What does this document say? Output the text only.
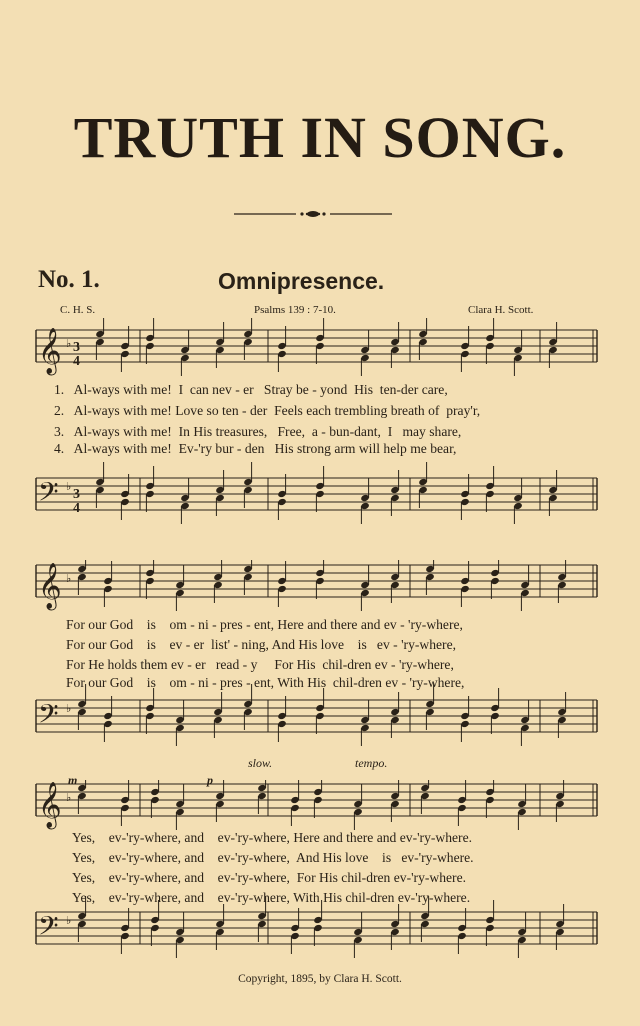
TRUTH IN SONG.
No. 1.	Omnipresence.
C. H. S.	Psalms 139 : 7-10.	Clara H. Scott.
𝄞
𝄢
♭
♭
3
4
3
4
𝄞
𝄢
♭
♭
𝄞
𝄢
♭
♭
1.   Al-ways with me!  I  can nev - er   Stray be - yond  His  ten-der care,
2.   Al-ways with me! Love so ten - der  Feels each trembling breath of  pray'r,
3.   Al-ways with me!  In His treasures,   Free,  a - bun-dant,  I   may share,
4.   Al-ways with me!  Ev-'ry bur - den   His strong arm will help me bear,
For our God    is    om - ni - pres - ent, Here and there and ev - 'ry-where,
For our God    is    ev - er  list' - ning, And His love    is   ev - 'ry-where,
For He holds them ev - er   read - y     For His  chil-dren ev - 'ry-where,
For our God    is    om - ni - pres - ent, With His  chil-dren ev - 'ry-where,
Yes,    ev-'ry-where, and    ev-'ry-where, Here and there and ev-'ry-where.
Yes,    ev-'ry-where, and    ev-'ry-where,  And His love    is   ev-'ry-where.
Yes,    ev-'ry-where, and    ev-'ry-where,  For His chil-dren ev-'ry-where.
Yes,    ev-'ry-where, and    ev-'ry-where, With His chil-dren ev-'ry-where.
slow.	tempo.
m	p
Copyright, 1895, by Clara H. Scott.
